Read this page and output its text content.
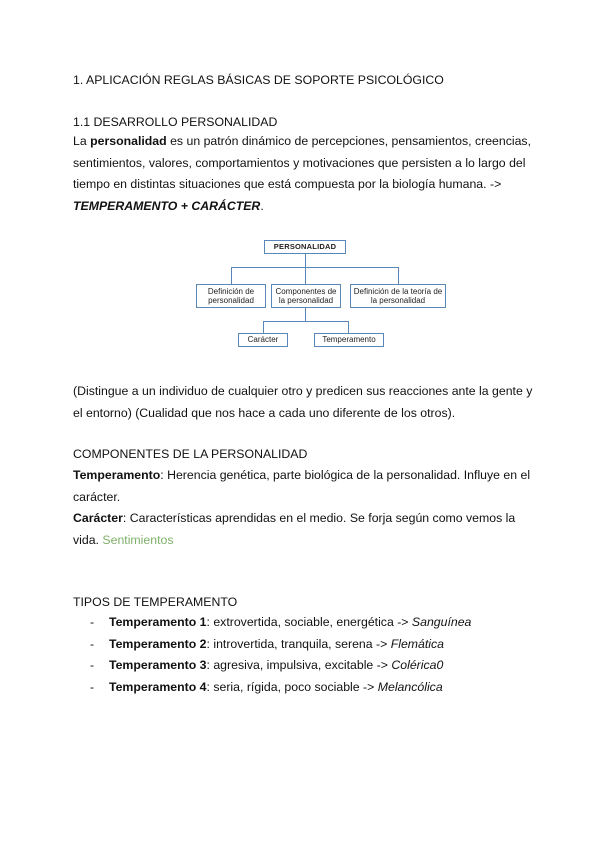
1. APLICACIÓN REGLAS BÁSICAS DE SOPORTE PSICOLÓGICO
1.1 DESARROLLO PERSONALIDAD

La personalidad es un patrón dinámico de percepciones, pensamientos, creencias, sentimientos, valores, comportamientos y motivaciones que persisten a lo largo del tiempo en distintas situaciones que está compuesta por la biología humana. -> TEMPERAMENTO + CARÁCTER.

PERSONALIDAD
Definición de personalidad
Componentes de la personalidad
Definición de la teoría de la personalidad
Carácter	Temperamento

(Distingue a un individuo de cualquier otro y predicen sus reacciones ante la gente y el entorno) (Cualidad que nos hace a cada uno diferente de los otros).

COMPONENTES DE LA PERSONALIDAD

Temperamento: Herencia genética, parte biológica de la personalidad. Influye en el carácter.

Carácter: Características aprendidas en el medio. Se forja según como vemos la vida. Sentimientos

TIPOS DE TEMPERAMENTO
- Temperamento 1: extrovertida, sociable, energética -> Sanguínea
- Temperamento 2: introvertida, tranquila, serena -> Flemática
- Temperamento 3: agresiva, impulsiva, excitable -> Colérica0
- Temperamento 4: seria, rígida, poco sociable -> Melancólica
